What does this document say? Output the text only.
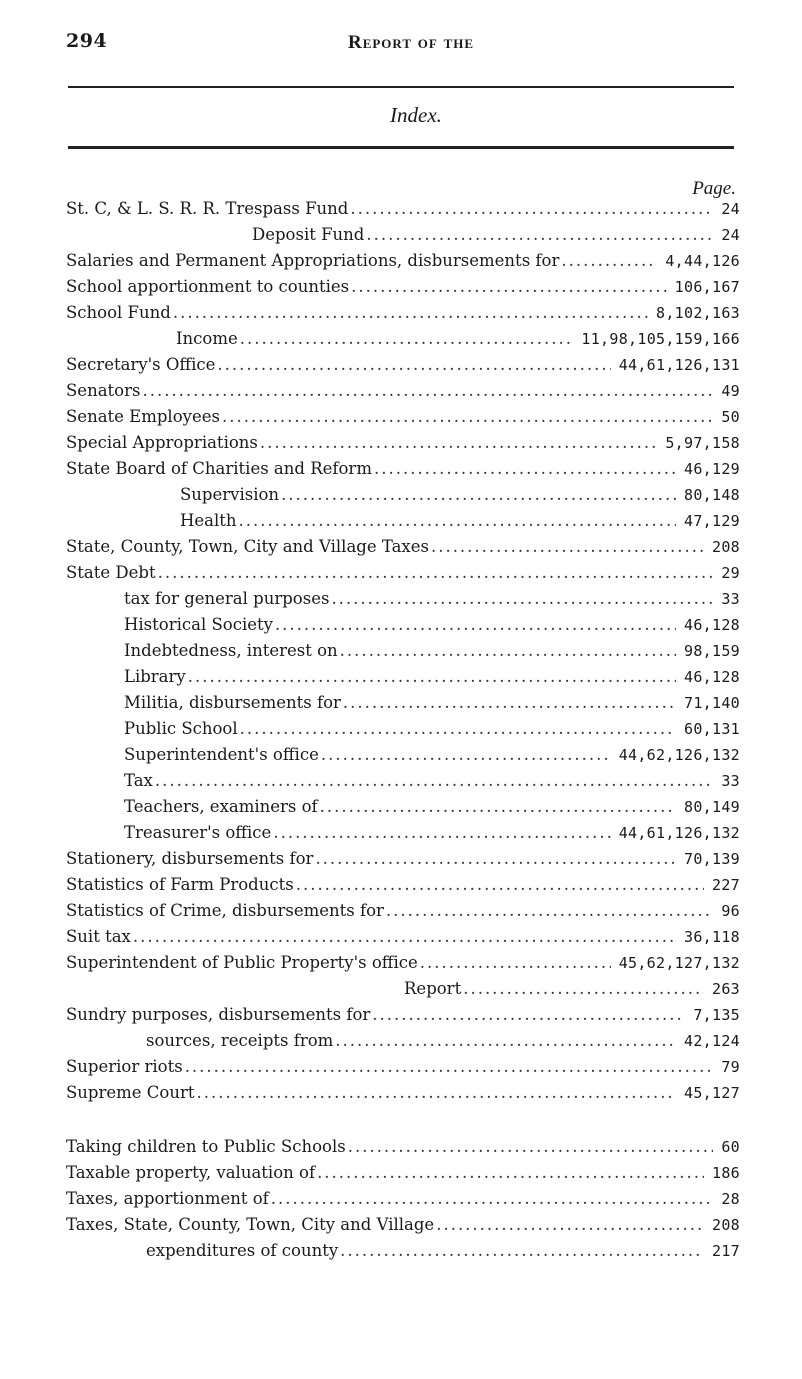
294	Report of the
Index.
Page.
St. C, & L. S. R. R. Trespass Fund .....	24
Deposit Fund .....	24
Salaries and Permanent Appropriations, disbursements for .....	4,44,126
School apportionment to counties .....	106,167
School Fund .....	8,102,163
Income .....	11,98,105,159,166
Secretary's Office .....	44,61,126,131
Senators .....	49
Senate Employees .....	50
Special Appropriations .....	5,97,158
State Board of Charities and Reform .....	46,129
Supervision .....	80,148
Health .....	47,129
State, County, Town, City and Village Taxes .....	208
State Debt .....	29
tax for general purposes .....	33
Historical Society .....	46,128
Indebtedness, interest on .....	98,159
Library .....	46,128
Militia, disbursements for .....	71,140
Public School .....	60,131
Superintendent's office .....	44,62,126,132
Tax .....	33
Teachers, examiners of .....	80,149
Treasurer's office .....	44,61,126,132
Stationery, disbursements for .....	70,139
Statistics of Farm Products .....	227
Statistics of Crime, disbursements for .....	96
Suit tax .....	36,118
Superintendent of Public Property's office .....	45,62,127,132
Report .....	263
Sundry purposes, disbursements for .....	7,135
sources, receipts from .....	42,124
Superior riots .....	79
Supreme Court .....	45,127
Taking children to Public Schools .....	60
Taxable property, valuation of .....	186
Taxes, apportionment of .....	28
Taxes, State, County, Town, City and Village .....	208
expenditures of county .....	217
